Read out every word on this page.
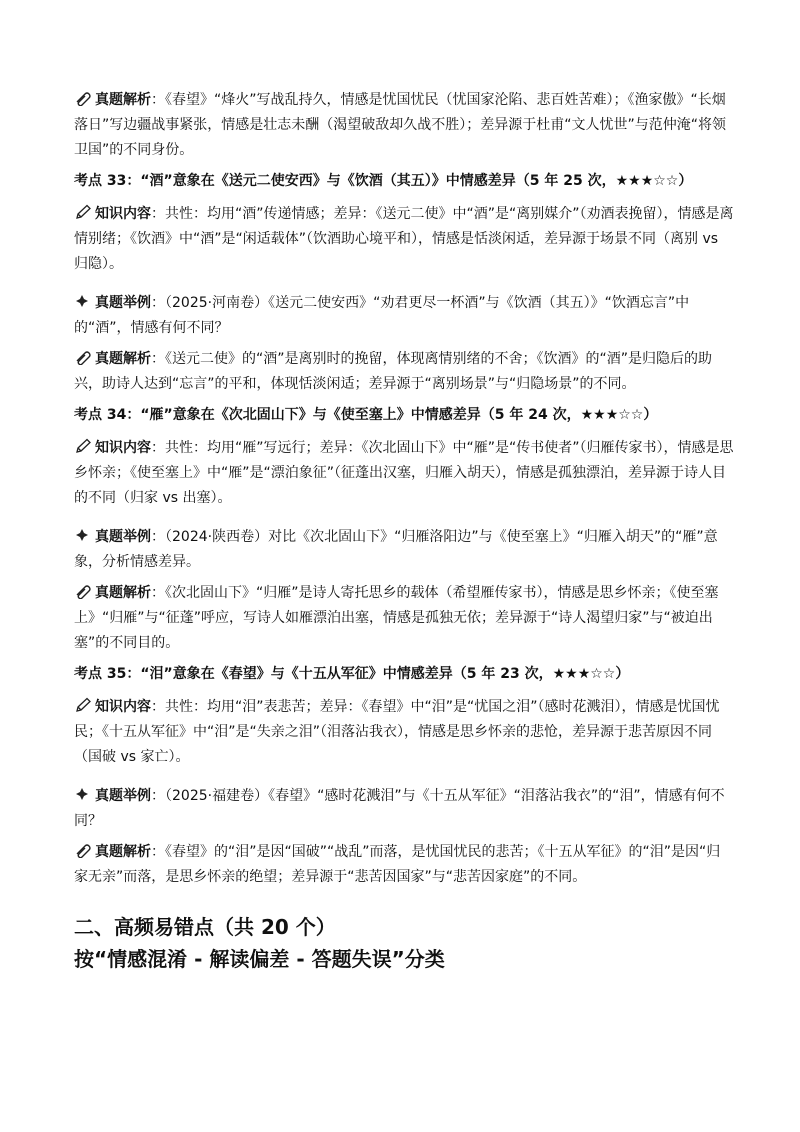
真题解析：《春望》“烽火”写战乱持久，情感是忧国忧民（忧国家沦陷、悲百姓苦难）；《渔家傲》“长烟落日”写边疆战事紧张，情感是壮志未酬（渴望破敌却久战不胜）；差异源于杜甫“文人忧世”与范仲淹“将领卫国”的不同身份。

考点 33：“酒”意象在《送元二使安西》与《饮酒（其五）》中情感差异（5 年 25 次，★★★☆☆）

知识内容：共性：均用“酒”传递情感；差异：《送元二使》中“酒”是“离别媒介”（劝酒表挽留），情感是离情别绪；《饮酒》中“酒”是“闲适载体”（饮酒助心境平和），情感是恬淡闲适，差异源于场景不同（离别 vs 归隐）。

真题举例：（2025·河南卷）《送元二使安西》“劝君更尽一杯酒”与《饮酒（其五）》“饮酒忘言”中的“酒”，情感有何不同？

真题解析：《送元二使》的“酒”是离别时的挽留，体现离情别绪的不舍；《饮酒》的“酒”是归隐后的助兴，助诗人达到“忘言”的平和，体现恬淡闲适；差异源于“离别场景”与“归隐场景”的不同。

考点 34：“雁”意象在《次北固山下》与《使至塞上》中情感差异（5 年 24 次，★★★☆☆）

知识内容：共性：均用“雁”写远行；差异：《次北固山下》中“雁”是“传书使者”（归雁传家书），情感是思乡怀亲；《使至塞上》中“雁”是“漂泊象征”（征蓬出汉塞，归雁入胡天），情感是孤独漂泊，差异源于诗人目的不同（归家 vs 出塞）。

真题举例：（2024·陕西卷）对比《次北固山下》“归雁洛阳边”与《使至塞上》“归雁入胡天”的“雁”意象，分析情感差异。

真题解析：《次北固山下》“归雁”是诗人寄托思乡的载体（希望雁传家书），情感是思乡怀亲；《使至塞上》“归雁”与“征蓬”呼应，写诗人如雁漂泊出塞，情感是孤独无依；差异源于“诗人渴望归家”与“被迫出塞”的不同目的。

考点 35：“泪”意象在《春望》与《十五从军征》中情感差异（5 年 23 次，★★★☆☆）

知识内容：共性：均用“泪”表悲苦；差异：《春望》中“泪”是“忧国之泪”（感时花溅泪），情感是忧国忧民；《十五从军征》中“泪”是“失亲之泪”（泪落沾我衣），情感是思乡怀亲的悲怆，差异源于悲苦原因不同（国破 vs 家亡）。

真题举例：（2025·福建卷）《春望》“感时花溅泪”与《十五从军征》“泪落沾我衣”的“泪”，情感有何不同？

真题解析：《春望》的“泪”是因“国破”“战乱”而落，是忧国忧民的悲苦；《十五从军征》的“泪”是因“归家无亲”而落，是思乡怀亲的绝望；差异源于“悲苦因国家”与“悲苦因家庭”的不同。

二、高频易错点（共 20 个）
按“情感混淆 - 解读偏差 - 答题失误”分类
